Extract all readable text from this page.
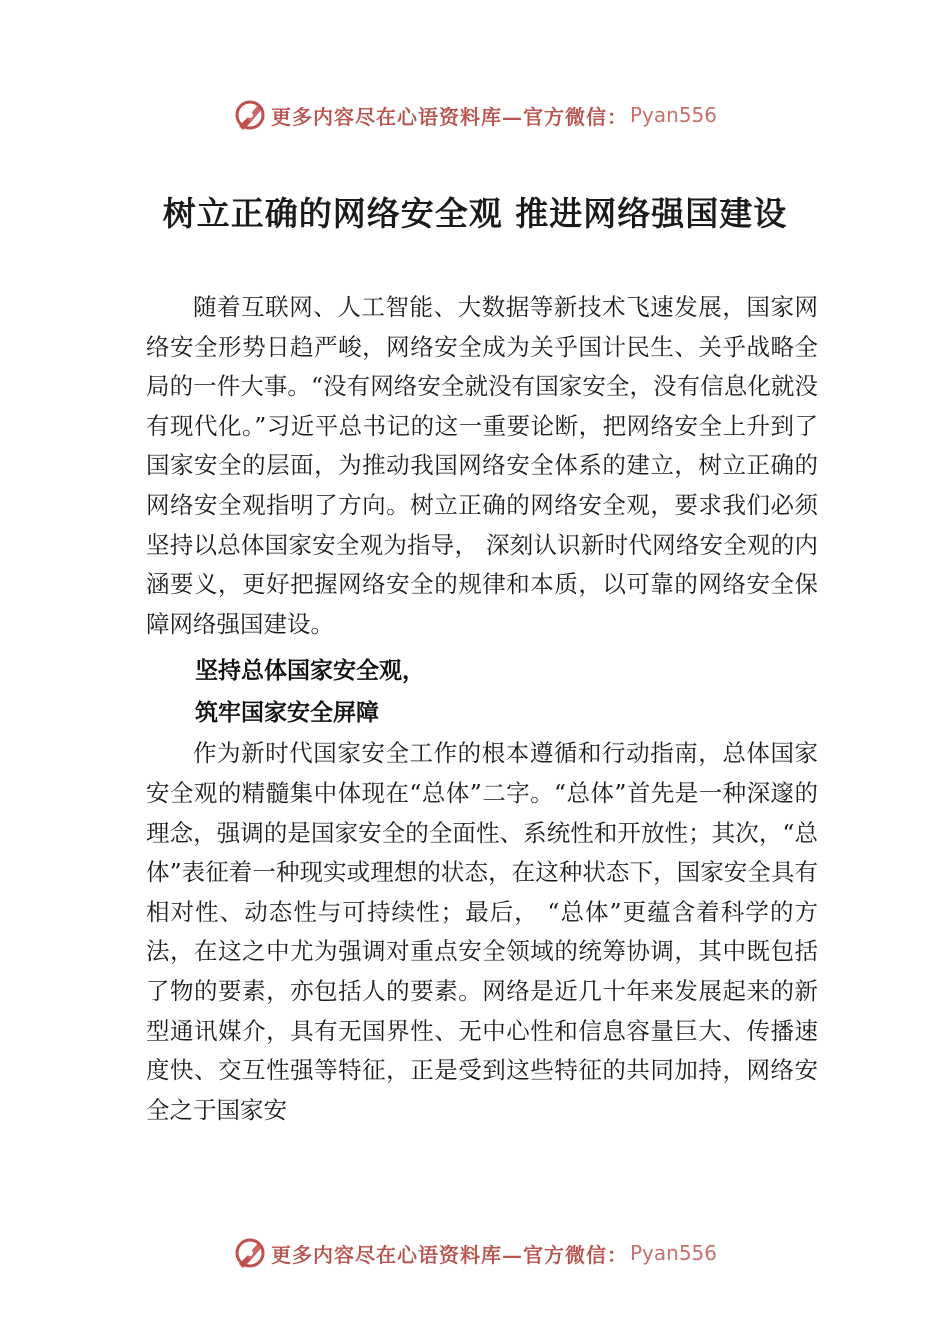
更多内容尽在心语资料库—官方微信： Pyan556
树立正确的网络安全观 推进网络强国建设

随着互联网、人工智能、大数据等新技术飞速发展，国家网络安全形势日趋严峻，网络安全成为关乎国计民生、关乎战略全局的一件大事。“没有网络安全就没有国家安全，没有信息化就没有现代化。”习近平总书记的这一重要论断，把网络安全上升到了国家安全的层面，为推动我国网络安全体系的建立，树立正确的网络安全观指明了方向。树立正确的网络安全观，要求我们必须坚持以总体国家安全观为指导， 深刻认识新时代网络安全观的内涵要义，更好把握网络安全的规律和本质，以可靠的网络安全保障网络强国建设。

坚持总体国家安全观，
筑牢国家安全屏障

作为新时代国家安全工作的根本遵循和行动指南，总体国家安全观的精髓集中体现在“总体”二字。“总体”首先是一种深邃的理念，强调的是国家安全的全面性、系统性和开放性；其次，“总体”表征着一种现实或理想的状态，在这种状态下，国家安全具有相对性、动态性与可持续性；最后， “总体”更蕴含着科学的方法，在这之中尤为强调对重点安全领域的统筹协调，其中既包括了物的要素，亦包括人的要素。网络是近几十年来发展起来的新型通讯媒介，具有无国界性、无中心性和信息容量巨大、传播速度快、交互性强等特征，正是受到这些特征的共同加持，网络安全之于国家安

更多内容尽在心语资料库—官方微信： Pyan556
